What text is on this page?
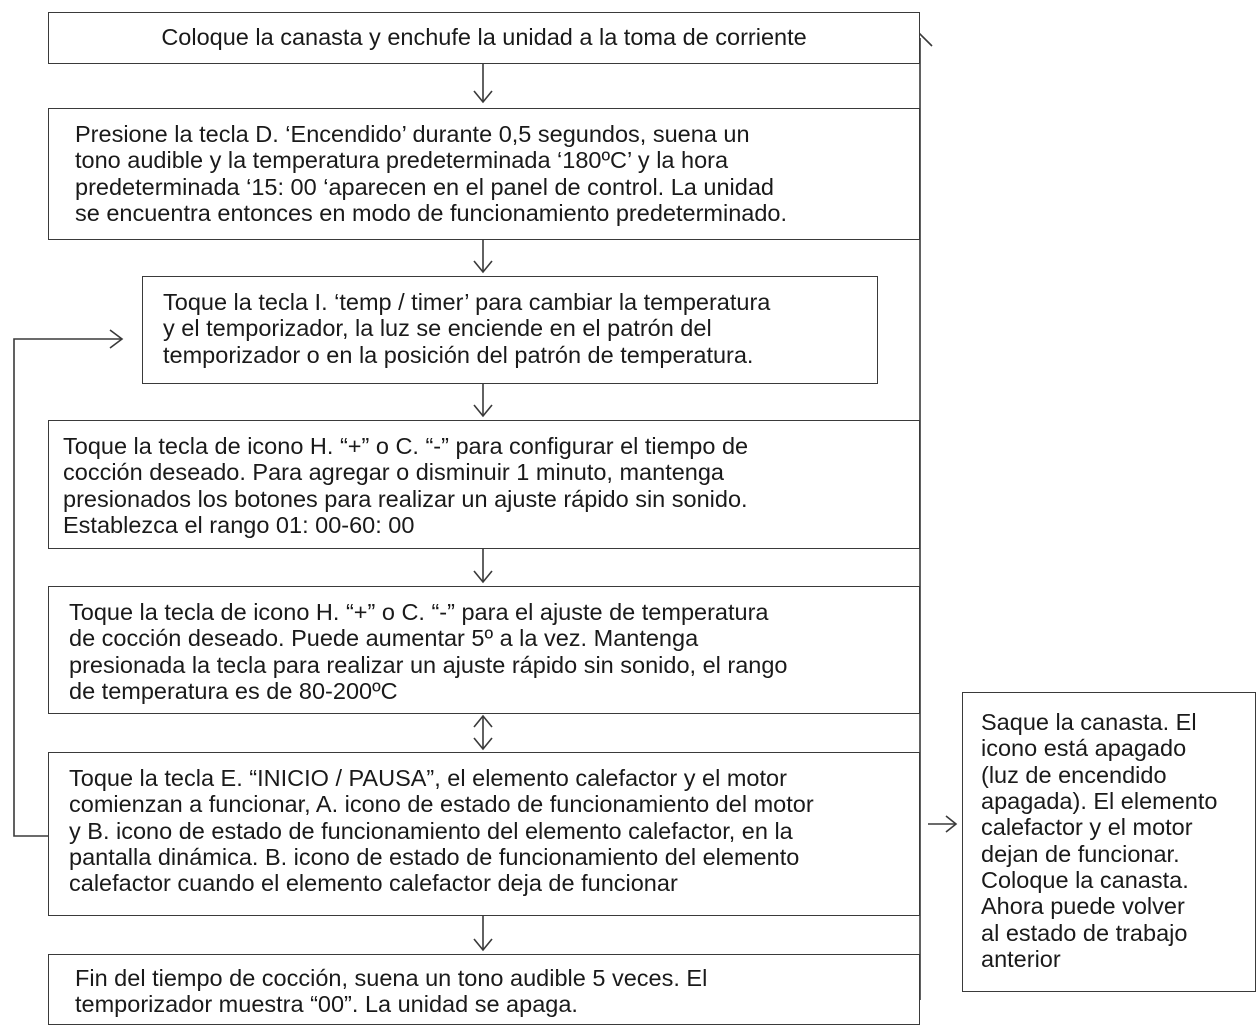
Coloque la canasta y enchufe la unidad a la toma de corriente
Presione la tecla D. ‘Encendido’ durante 0,5 segundos, suena un
tono audible y la temperatura predeterminada ‘180ºC’ y la hora
predeterminada ‘15: 00 ‘aparecen en el panel de control. La unidad
se encuentra entonces en modo de funcionamiento predeterminado.
Toque la tecla I. ‘temp / timer’ para cambiar la temperatura
y el temporizador, la luz se enciende en el patrón del
temporizador o en la posición del patrón de temperatura.
Toque la tecla de icono H. “+” o C. “-” para configurar el tiempo de
cocción deseado. Para agregar o disminuir 1 minuto, mantenga
presionados los botones para realizar un ajuste rápido sin sonido.
Establezca el rango 01: 00-60: 00
Toque la tecla de icono H. “+” o C. “-” para el ajuste de temperatura
de cocción deseado. Puede aumentar 5º a la vez. Mantenga
presionada la tecla para realizar un ajuste rápido sin sonido, el rango
de temperatura es de 80-200ºC
Toque la tecla E. “INICIO / PAUSA”, el elemento calefactor y el motor
comienzan a funcionar, A. icono de estado de funcionamiento del motor
y B. icono de estado de funcionamiento del elemento calefactor, en la
pantalla dinámica. B. icono de estado de funcionamiento del elemento
calefactor cuando el elemento calefactor deja de funcionar
Fin del tiempo de cocción, suena un tono audible 5 veces. El
temporizador muestra “00”. La unidad se apaga.
Saque la canasta. El
icono está apagado
(luz de encendido
apagada). El elemento
calefactor y el motor
dejan de funcionar.
Coloque la canasta.
Ahora puede volver
al estado de trabajo
anterior
